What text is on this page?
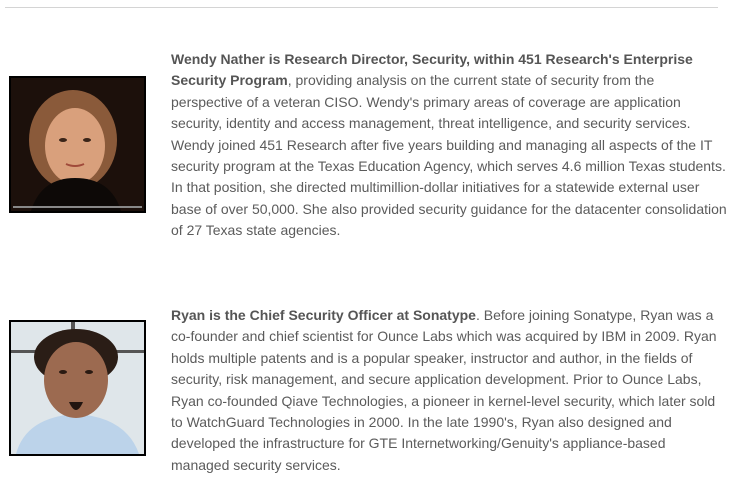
Wendy Nather is Research Director, Security, within 451 Research's Enterprise Security Program, providing analysis on the current state of security from the perspective of a veteran CISO. Wendy's primary areas of coverage are application security, identity and access management, threat intelligence, and security services. Wendy joined 451 Research after five years building and managing all aspects of the IT security program at the Texas Education Agency, which serves 4.6 million Texas students. In that position, she directed multimillion-dollar initiatives for a statewide external user base of over 50,000. She also provided security guidance for the datacenter consolidation of 27 Texas state agencies.

Ryan is the Chief Security Officer at Sonatype. Before joining Sonatype, Ryan was a co-founder and chief scientist for Ounce Labs which was acquired by IBM in 2009. Ryan holds multiple patents and is a popular speaker, instructor and author, in the fields of security, risk management, and secure application development. Prior to Ounce Labs, Ryan co-founded Qiave Technologies, a pioneer in kernel-level security, which later sold to WatchGuard Technologies in 2000. In the late 1990's, Ryan also designed and developed the infrastructure for GTE Internetworking/Genuity's appliance-based managed security services.
